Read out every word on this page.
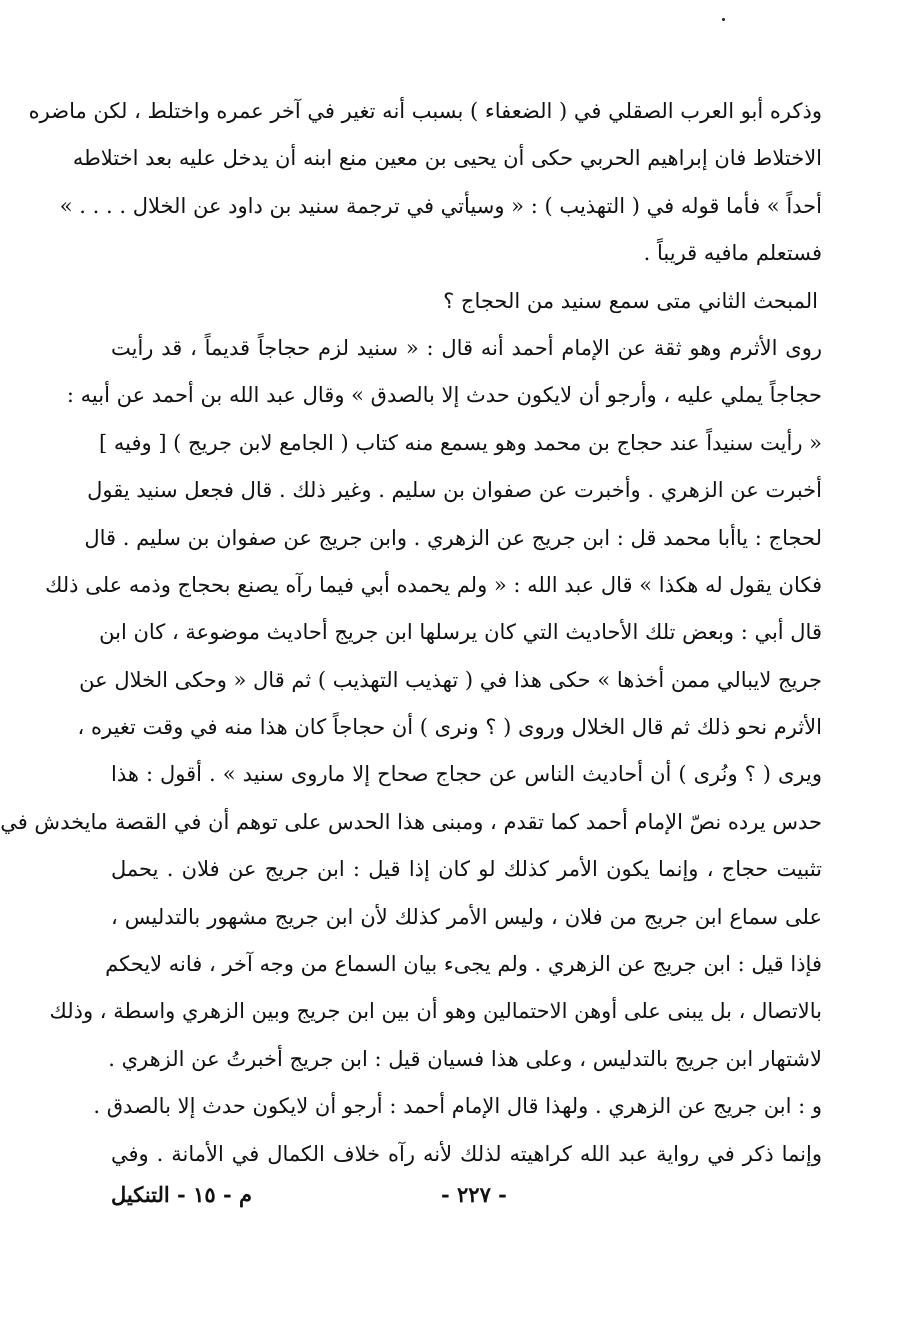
وذكره أبو العرب الصقلي في ( الضعفاء ) بسبب أنه تغير في آخر عمره واختلط ، لكن ماضره
الاختلاط فان إبراهيم الحربي حكى أن يحيى بن معين منع ابنه أن يدخل عليه بعد اختلاطه
أحداً » فأما قوله في ( التهذيب ) : « وسيأتي في ترجمة سنيد بن داود عن الخلال . . . . »
فستعلم مافيه قريباً .
المبحث الثاني متى سمع سنيد من الحجاج ؟
روى الأثرم وهو ثقة عن الإمام أحمد أنه قال : « سنيد لزم حجاجاً قديماً ، قد رأيت
حجاجاً يملي عليه ، وأرجو أن لايكون حدث إلا بالصدق » وقال عبد الله بن أحمد عن أبيه :
« رأيت سنيداً عند حجاج بن محمد وهو يسمع منه كتاب ( الجامع لابن جريج ) [ وفيه ]
أخبرت عن الزهري . وأخبرت عن صفوان بن سليم . وغير ذلك . قال فجعل سنيد يقول
لحجاج : ياأبا محمد قل : ابن جريج عن الزهري . وابن جريج عن صفوان بن سليم . قال
فكان يقول له هكذا » قال عبد الله : « ولم يحمده أبي فيما رآه يصنع بحجاج وذمه على ذلك
قال أبي : وبعض تلك الأحاديث التي كان يرسلها ابن جريج أحاديث موضوعة ، كان ابن
جريج لايبالي ممن أخذها » حكى هذا في ( تهذيب التهذيب ) ثم قال « وحكى الخلال عن
الأثرم نحو ذلك ثم قال الخلال وروى ( ؟ ونرى ) أن حجاجاً كان هذا منه في وقت تغيره ،
ويرى ( ؟ ونُرى ) أن أحاديث الناس عن حجاج صحاح إلا ماروى سنيد » . أقول : هذا
حدس يرده نصّ الإمام أحمد كما تقدم ، ومبنى هذا الحدس على توهم أن في القصة مايخدش في
تثبيت حجاج ، وإنما يكون الأمر كذلك لو كان إذا قيل : ابن جريج عن فلان . يحمل
على سماع ابن جريج من فلان ، وليس الأمر كذلك لأن ابن جريج مشهور بالتدليس ،
فإذا قيل : ابن جريج عن الزهري . ولم يجىء بيان السماع من وجه آخر ، فانه لايحكم
بالاتصال ، بل يبنى على أوهن الاحتمالين وهو أن بين ابن جريج وبين الزهري واسطة ، وذلك
لاشتهار ابن جريج بالتدليس ، وعلى هذا فسيان قيل : ابن جريج أخبرتُ عن الزهري .
و : ابن جريج عن الزهري . ولهذا قال الإمام أحمد : أرجو أن لايكون حدث إلا بالصدق .
وإنما ذكر في رواية عبد الله كراهيته لذلك لأنه رآه خلاف الكمال في الأمانة . وفي
- ٢٢٧ -
م - ١٥ - التنكيل
